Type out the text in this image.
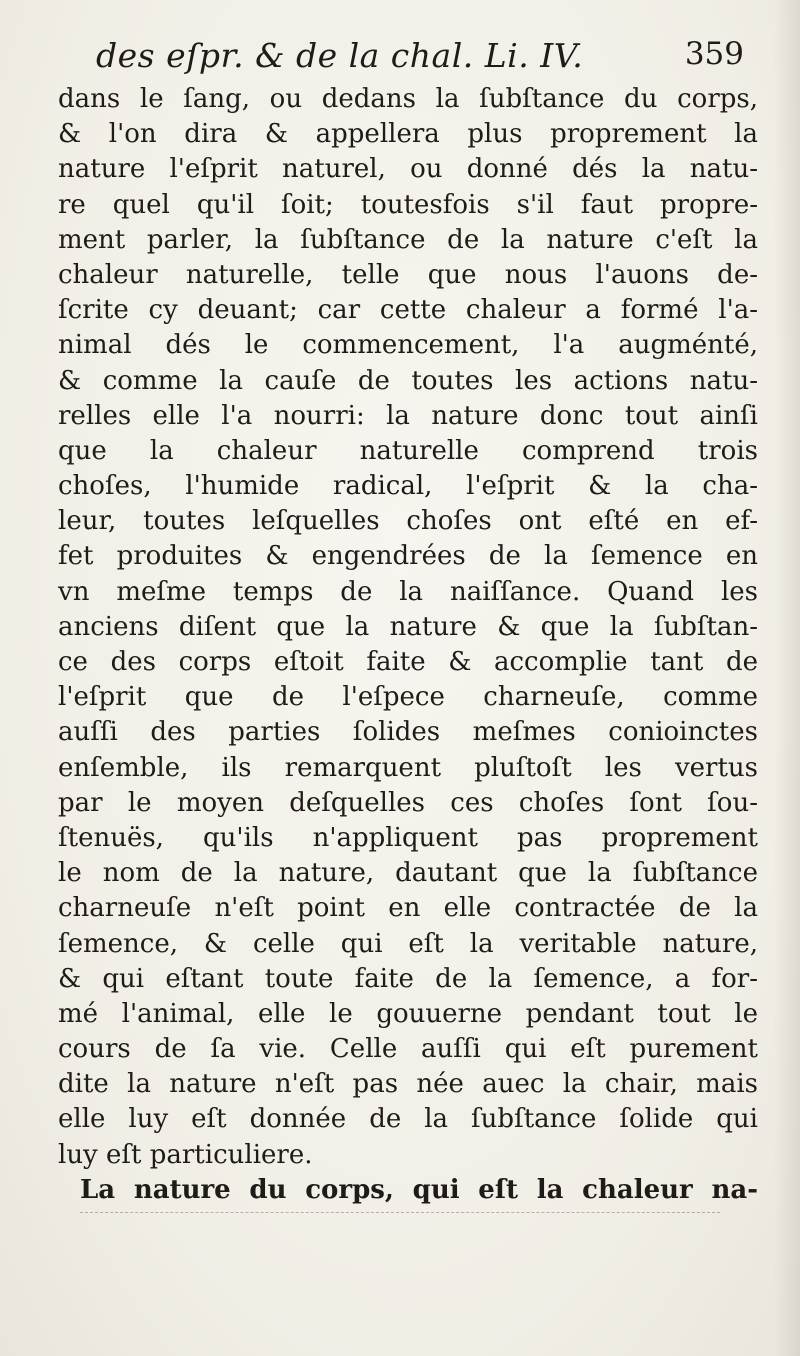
des eſpr. & de la chal. Li. IV.	359
dans le ſang, ou dedans la ſubſtance du corps,
& l'on dira & appellera plus proprement la
nature l'eſprit naturel, ou donné dés la natu-
re quel qu'il ſoit; toutesfois s'il faut propre-
ment parler, la ſubſtance de la nature c'eſt la
chaleur naturelle, telle que nous l'auons de-
ſcrite cy deuant; car cette chaleur a formé l'a-
nimal dés le commencement, l'a augménté,
& comme la cauſe de toutes les actions natu-
relles elle l'a nourri: la nature donc tout ainſi
que la chaleur naturelle comprend trois
choſes, l'humide radical, l'eſprit & la cha-
leur, toutes leſquelles choſes ont eſté en ef-
fet produites & engendrées de la ſemence en
vn meſme temps de la naiſſance. Quand les
anciens diſent que la nature & que la ſubſtan-
ce des corps eſtoit faite & accomplie tant de
l'eſprit que de l'eſpece charneuſe, comme
auſſi des parties ſolides meſmes conioinctes
enſemble, ils remarquent pluſtoſt les vertus
par le moyen deſquelles ces choſes ſont ſou-
ſtenuës, qu'ils n'appliquent pas proprement
le nom de la nature, dautant que la ſubſtance
charneuſe n'eſt point en elle contractée de la
ſemence, & celle qui eſt la veritable nature,
& qui eſtant toute faite de la ſemence, a for-
mé l'animal, elle le gouuerne pendant tout le
cours de ſa vie. Celle auſſi qui eſt purement
dite la nature n'eſt pas née auec la chair, mais
elle luy eſt donnée de la ſubſtance ſolide qui
luy eſt particuliere.
La nature du corps, qui eſt la chaleur na-
